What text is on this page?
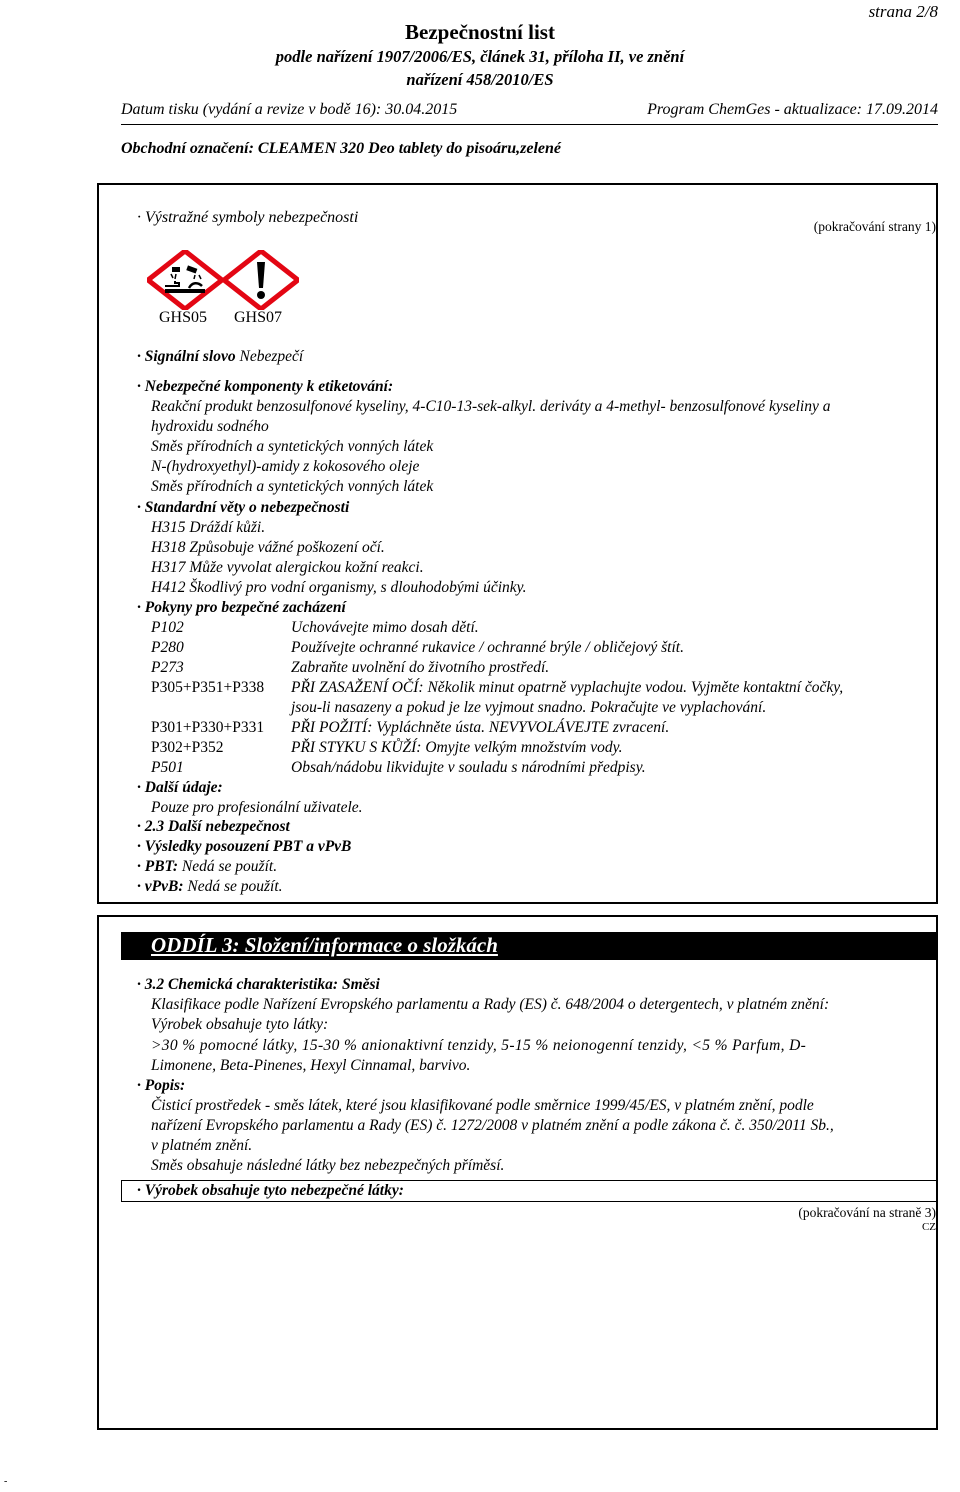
strana 2/8
Bezpečnostní list
podle nařízení 1907/2006/ES, článek 31, příloha II, ve znění
nařízení 458/2010/ES
Datum tisku (vydání a revize v bodě 16): 30.04.2015	Program ChemGes - aktualizace: 17.09.2014
Obchodní označení: CLEAMEN 320 Deo tablety do pisoáru,zelené
(pokračování strany 1)
· Výstražné symboly nebezpečnosti
GHS05 GHS07
· Signální slovo Nebezpečí
· Nebezpečné komponenty k etiketování:
Reakční produkt benzosulfonové kyseliny, 4-C10-13-sek-alkyl. deriváty a 4-methyl- benzosulfonové kyseliny a
hydroxidu sodného
Směs přírodních a syntetických vonných látek
N-(hydroxyethyl)-amidy z kokosového oleje
Směs přírodních a syntetických vonných látek
· Standardní věty o nebezpečnosti
H315 Dráždí kůži.
H318 Způsobuje vážné poškození očí.
H317 Může vyvolat alergickou kožní reakci.
H412 Škodlivý pro vodní organismy, s dlouhodobými účinky.
· Pokyny pro bezpečné zacházení
P102	Uchovávejte mimo dosah dětí.
P280	Používejte ochranné rukavice / ochranné brýle / obličejový štít.
P273	Zabraňte uvolnění do životního prostředí.
P305+P351+P338 PŘI ZASAŽENÍ OČÍ: Několik minut opatrně vyplachujte vodou. Vyjměte kontaktní čočky,
jsou-li nasazeny a pokud je lze vyjmout snadno. Pokračujte ve vyplachování.
P301+P330+P331 PŘI POŽITÍ: Vypláchněte ústa. NEVYVOLÁVEJTE zvracení.
P302+P352	PŘI STYKU S KŮŽÍ: Omyjte velkým množstvím vody.
P501	Obsah/nádobu likvidujte v souladu s národními předpisy.
· Další údaje:
Pouze pro profesionální uživatele.
· 2.3 Další nebezpečnost
· Výsledky posouzení PBT a vPvB
· PBT: Nedá se použít.
· vPvB: Nedá se použít.
ODDÍL 3: Složení/informace o složkách
· 3.2 Chemická charakteristika: Směsi
Klasifikace podle Nařízení Evropského parlamentu a Rady (ES) č. 648/2004 o detergentech, v platném znění:
Výrobek obsahuje tyto látky:
>30 % pomocné látky, 15-30 % anionaktivní tenzidy, 5-15 % neionogenní tenzidy, <5 % Parfum, D-
Limonene, Beta-Pinenes, Hexyl Cinnamal, barvivo.
· Popis:
Čisticí prostředek - směs látek, které jsou klasifikované podle směrnice 1999/45/ES, v platném znění, podle
nařízení Evropského parlamentu a Rady (ES) č. 1272/2008 v platném znění a podle zákona č. č. 350/2011 Sb.,
v platném znění.
Směs obsahuje následné látky bez nebezpečných příměsí.
· Výrobek obsahuje tyto nebezpečné látky:
(pokračování na straně 3)
CZ
-
